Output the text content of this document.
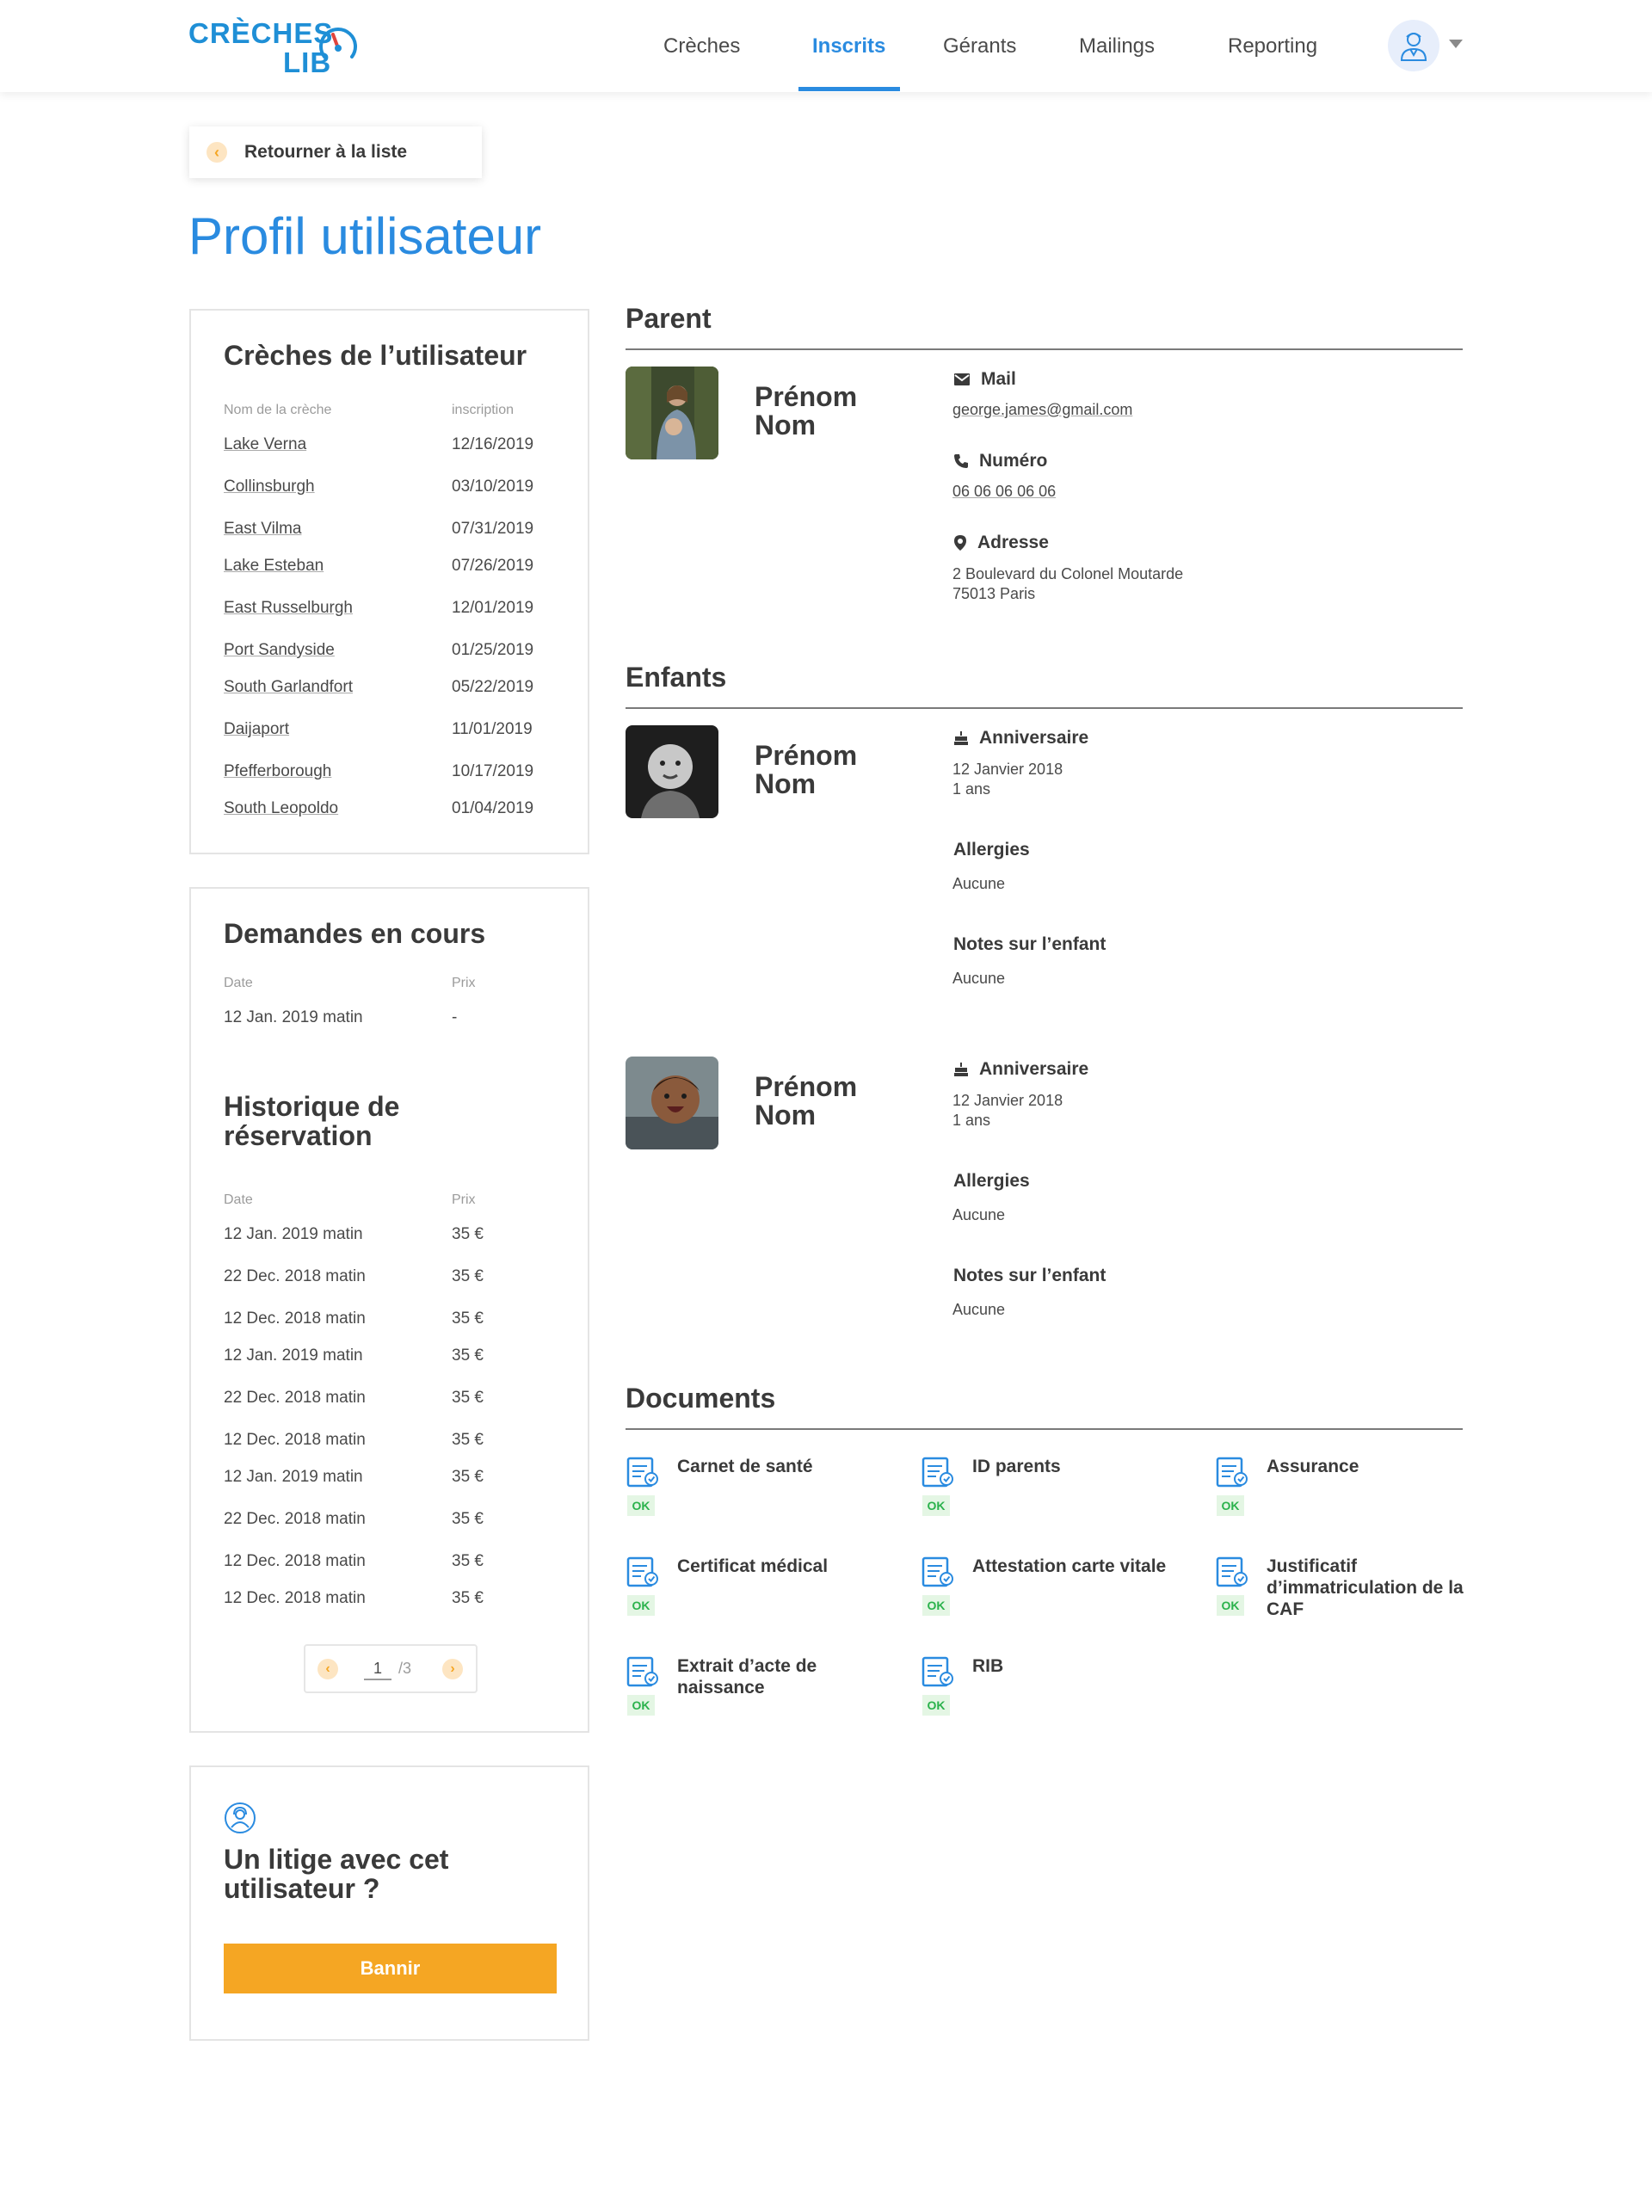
CRÈCHES
LIB
Crèches	Inscrits	Gérants	Mailings	Reporting
‹	Retourner à la liste
Profil utilisateur
Crèches de l’utilisateur
Nom de la crèche	inscription
Lake Verna	12/16/2019
Collinsburgh	03/10/2019
East Vilma	07/31/2019
Lake Esteban	07/26/2019
East Russelburgh	12/01/2019
Port Sandyside	01/25/2019
South Garlandfort	05/22/2019
Daijaport	11/01/2019
Pfefferborough	10/17/2019
South Leopoldo	01/04/2019
Demandes en cours
Date	Prix
12 Jan. 2019 matin	-
Historique de réservation
Date	Prix
12 Jan. 2019 matin	35 €
22 Dec. 2018 matin	35 €
12 Dec. 2018 matin	35 €
12 Jan. 2019 matin	35 €
22 Dec. 2018 matin	35 €
12 Dec. 2018 matin	35 €
12 Jan. 2019 matin	35 €
22 Dec. 2018 matin	35 €
12 Dec. 2018 matin	35 €
12 Dec. 2018 matin	35 €
‹
1	/3	›
Un litige avec cet utilisateur ?
Bannir
Parent
Prénom
Nom
Mail
george.james@gmail.com
Numéro
06 06 06 06 06
Adresse
2 Boulevard du Colonel Moutarde
75013 Paris
Enfants
Prénom
Nom
Anniversaire
12 Janvier 2018
1 ans
Allergies
Aucune
Notes sur l’enfant
Aucune
Prénom
Nom
Anniversaire
12 Janvier 2018
1 ans
Allergies
Aucune
Notes sur l’enfant
Aucune
Documents
OK
Carnet de santé
OK
ID parents
OK
Assurance
OK
Certificat médical
OK
Attestation carte vitale
OK
Justificatif d’immatriculation de la CAF
OK
Extrait d’acte de naissance
OK
RIB
